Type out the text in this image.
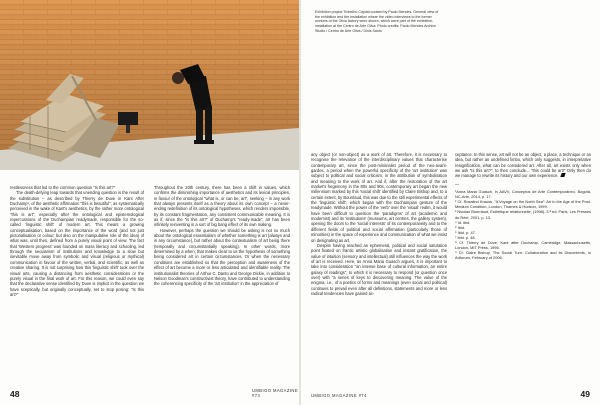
restlessness that led to the common question "Is this art?"

The death-defying leap towards that unending question is the result of the substitution – as described by Thierry de Duve in Kant After Duchamp¹, of the aesthetic affirmation "this is beautiful", as systematically perceived in the wake of Kant's aesthetics, by the rather more ontological "this is art", especially after the ontological and epistemological repercussions of the Duchampian readymade, responsible for the so-called 'linguistic shift' of modern art. This meant a growing conceptualisation, based on the importance of the word (and not just pictorialisation or colour, but also on the manipulative role of the idea) of what was, until then, defined from a purely visual point of view. The fact that 'Western progress' was founded on mass literacy and schooling, led through the secularism of institutions and knowledge to a slow but inevitable move away from symbolic and visual (religious or mythical) communication in favour of the written, verbal, and scientific, as well as creative sharing. It is not surprising how this 'linguistic shift' took over the visual arts, causing a distancing from aesthetic considerations or the purely visual in the final work of art. For this reason, we could even say that the declarative sense identified by Duve is implicit in the question we have sceptically, but originally conceptually, set to stop posing: "Is this art?"

Throughout the 20th century, there has been a shift in values, which confirms the diminishing importance of aesthetics and its lexical principles, in favour of the ontological "what is, or can be, art", seeking – in any work that always presents itself as a theory about its own concept – a never-ending redefinition of its ontological hypotheses, which renders impossible, by its constant fragmentation, any consistent communicable meaning. It is as if, since the "is this art?" of Duchamp's "ready-made", art has been infinitely reinventing in a sort of big bang effect of its own making.

However, perhaps the question we should be asking is not so much about the ontological essentialism of whether something is art (always and in any circumstance), but rather about the contextualism of art being there (temporally and circumstantially speaking). In other words, more determined by a when, that makes clear to us the hypothesis of something being considered art in certain circumstances. Or when the necessary conditions are established so that the perception and awareness of the effect of art become a more or less articulated and identifiable reality. The institutionalist theories of Arthur C. Danto and George Dickie, in addition to Nelson Goodman's constructivist theory, have contributed to understanding the coherencing specificity of the 'art institution' in the appreciation of

48	UMBIGO MAGAZINE #74
Exhibition project Trobelho Capital curated by Paulo Mendes. General view of the exhibition and the installation where the video interviews to the former workers of the Oliva factory were shown, which were part of the exhibition-installation at the Centro de Arte Oliva. Photo credits: Paulo Mendes Archive Studio / Centro de Arte Oliva / Dinis Santo

any object (or non-object) as a work of art. Therefore, it is necessary to recognise the relevance of the interdisciplinary values that characterise contemporary art, since the post-minimalist period of the neo-avant-gardes, a period when the powerful specificity of the 'art institution' was subject to political and social criticism, in the attribution of symbolisation and meaning to the work of art. And if, after the restoration of the art market's hegemony in the 80s and 90s, contemporary art began the new millennium marked by this 'social shift' identified by Claire Bishop and, to a certain extent, by Bourriaud, this was due to the still experimental effects of the 'linguistic shift', which began with the Duchampian gesture of the readymade. Without the power of the 'verb' over the 'visual' realm, it would have been difficult to question the 'paradigms' of art (academic and modernist) and its 'institutions' (museums, art centres, the gallery system), opening the doors to the 'social interests' of its contemporaneity and to the different fields of political and social affirmation (particularly those of minorities) in the space of experience and communication of what we insist on designating as art.

Despite having reached an ephemeral, political and social saturation point fixated on frantic artistic globalisation and instant gratification, the value of intuition (sensory and intellectual) still influences the way the work of art is received. Here, as Anna Maria Guasch argues, it is important to take into consideration "an intense base of cultural information, an entire galaxy of readings", to which it is necessary to respond (or question once over) with "a series of keys to discovering meaning. The value of the enigma, i.e., of a poetics of forms and meanings (even social and political) continues to prevail even after all definitions, statements and more or less radical tendencies have gained ac-

ceptance. In this sense, art will not be an object, a place, a technique or an idea, but rather an undefined limbo, which only suggests, in interpretative resignification, what can be considered art. After all, art exists only when we ask "Is this art?", to then conclude... "this could be art!" Only then do we manage to rewrite its history and our own experience.

—

¹Anna Maria Guasch, in AAVV, Conceptos de Arte Contemporáneo, Bogotá, NC-Arte, 2014, p. 17.

² Cf. Rosalind Krauss, "A Voyage on the North Sea": Art in the Age of the Post-Medium Condition, London, Thames & Hudson, 1999.

³ Nicolas Bourriaud, Esthétique relationnelle, (1998), 3.ª ed. Paris, Les Presses du Réel, 2001, p. 13.

⁴ Id. ibid.

⁵ Ibid.

⁶ Ibid. p. 47.

⁷ Ibid. p. 48.

⁸ Cf. Thierry de Duve, Kant after Duchamp, Cambridge, Massachusetts, London, MIT Press, 1996.

⁹ Cf. Claire Bishop, The Social Turn: Collaboration and its Discontents, in Artforum, February of 2006.

UMBIGO MAGAZINE #74	49
